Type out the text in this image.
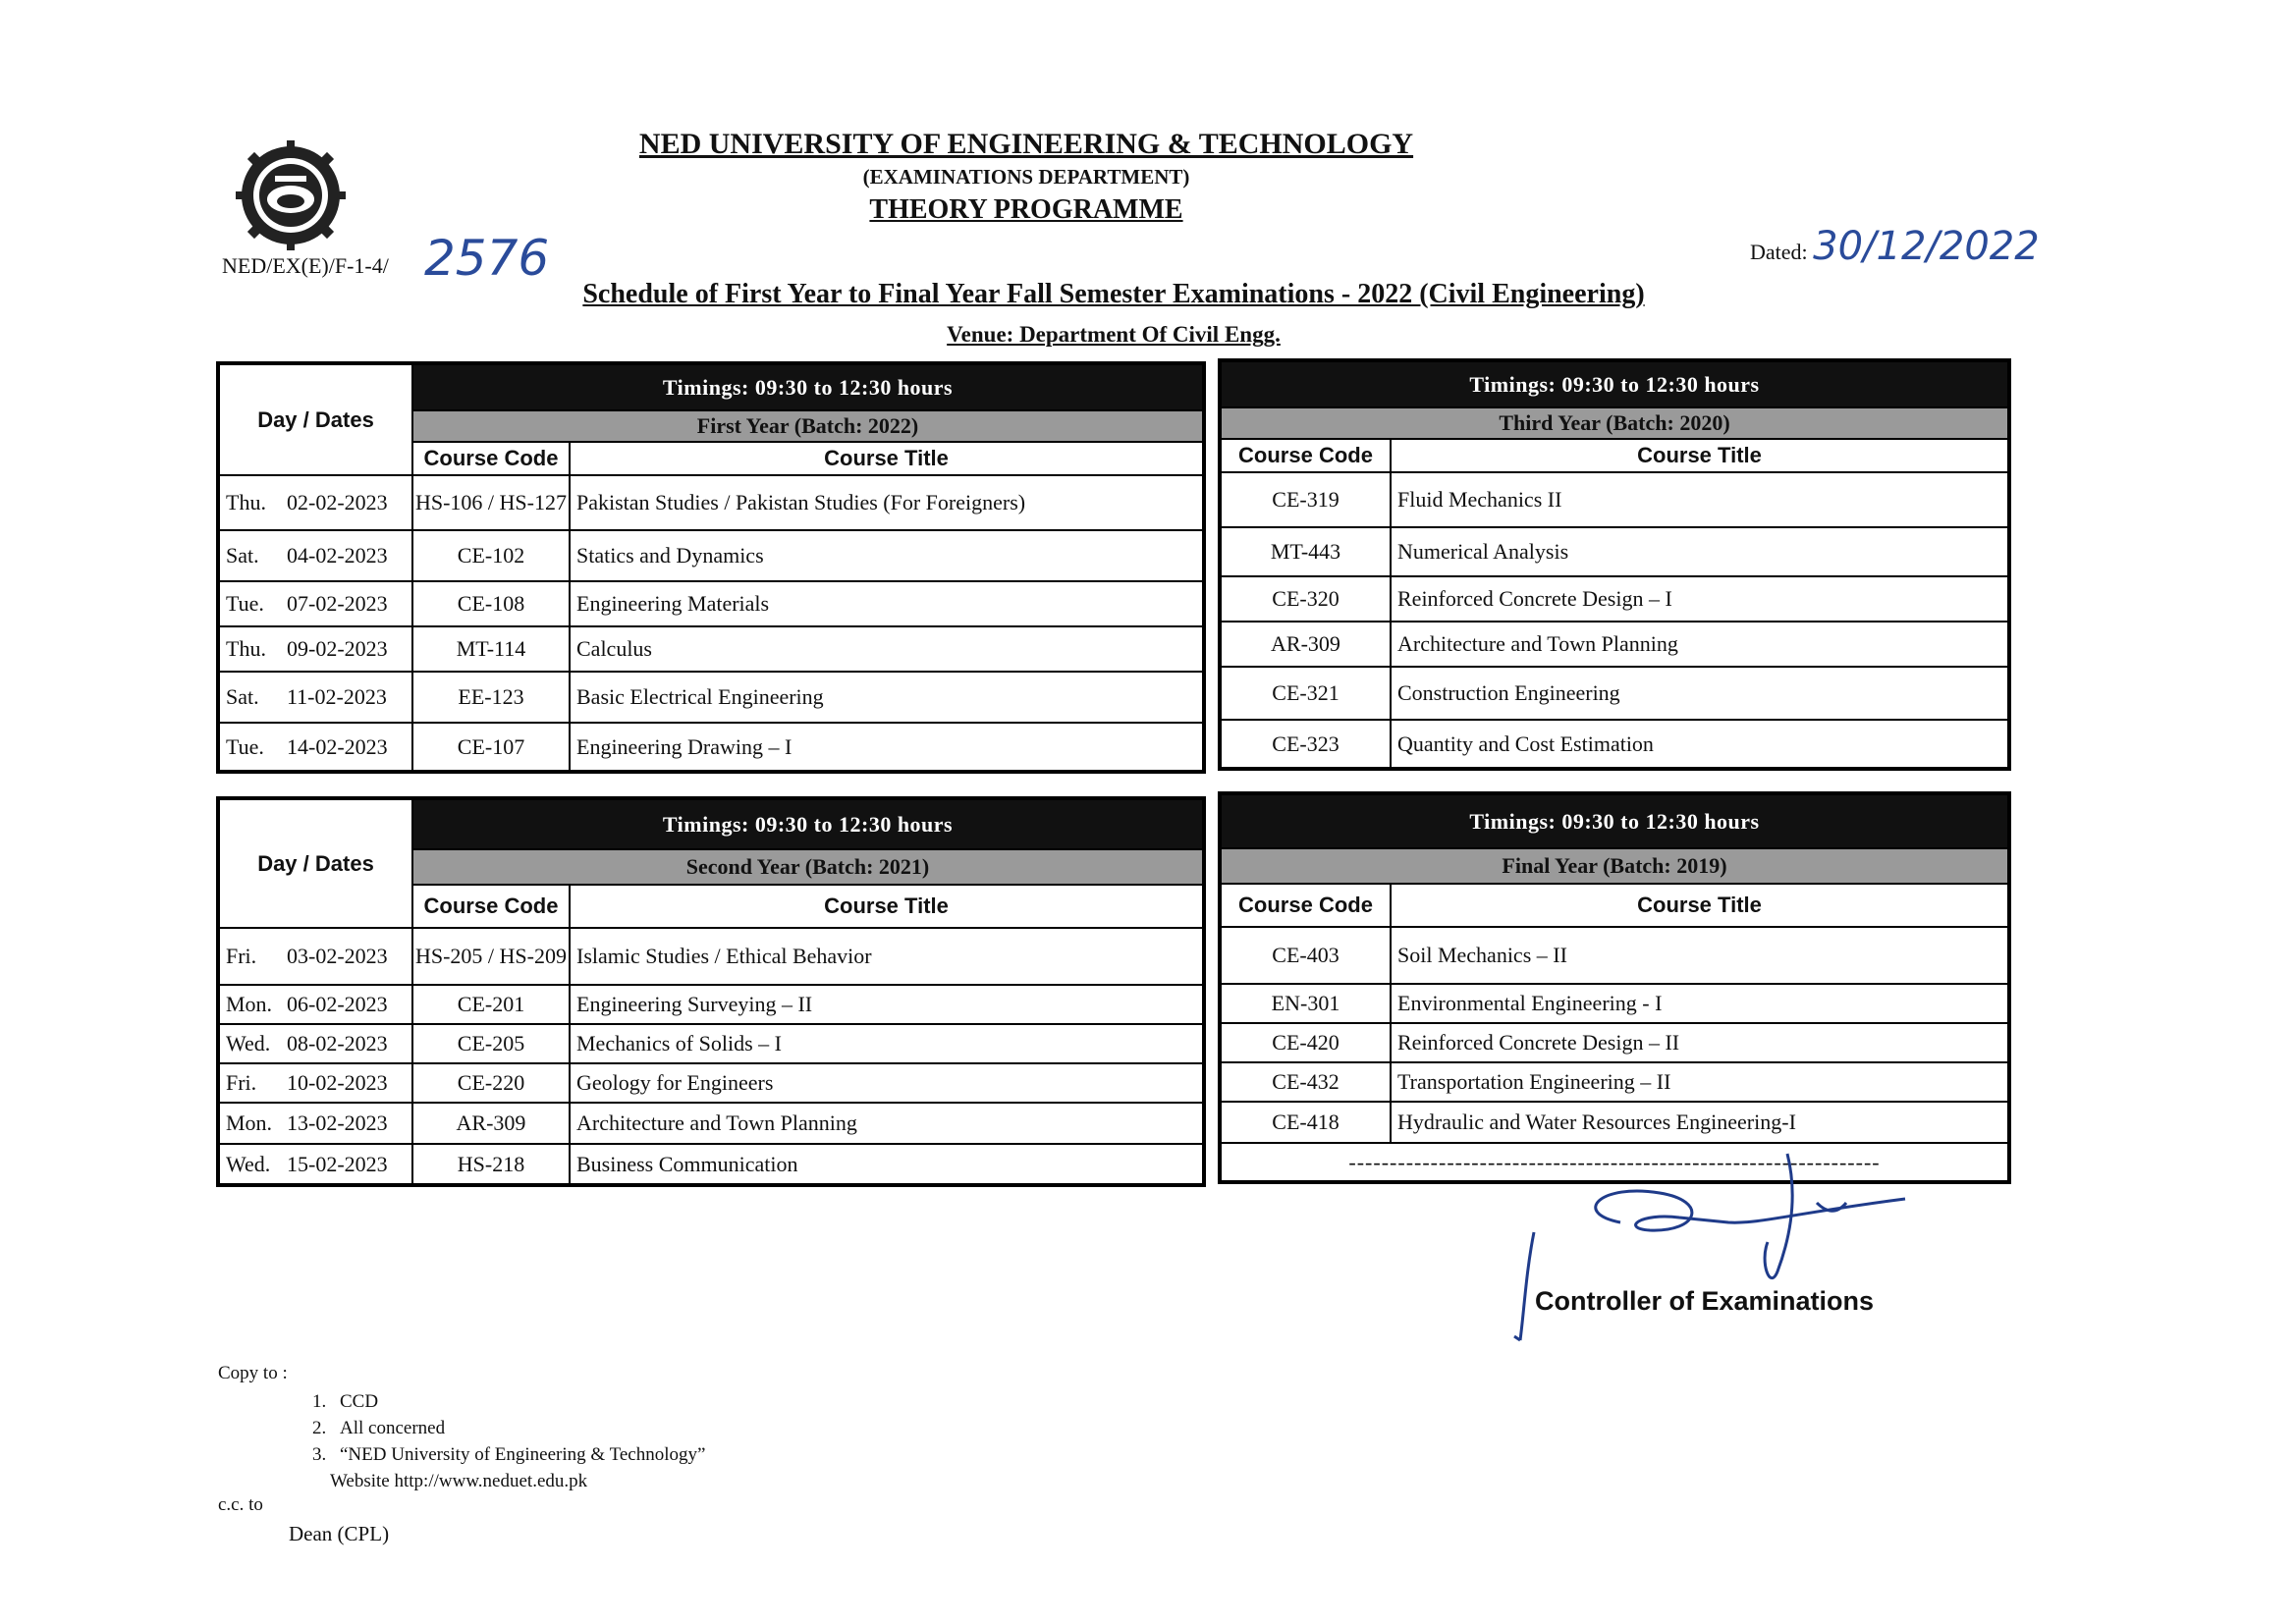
NED UNIVERSITY OF ENGINEERING & TECHNOLOGY
(EXAMINATIONS DEPARTMENT)
THEORY PROGRAMME
NED/EX(E)/F-1-4/ 2576	Dated: 30/12/2022
Schedule of First Year to Final Year Fall Semester Examinations - 2022 (Civil Engineering)
Venue: Department Of Civil Engg.
Day / Dates	Timings: 09:30 to 12:30 hours	
	First Year (Batch: 2022)	
	Course Code	Course Title
Thu. 02-02-2023	HS-106 / HS-127	Pakistan Studies / Pakistan Studies (For Foreigners)
Sat. 04-02-2023	CE-102	Statics and Dynamics
Tue. 07-02-2023	CE-108	Engineering Materials
Thu. 09-02-2023	MT-114	Calculus
Sat. 11-02-2023	EE-123	Basic Electrical Engineering
Tue. 14-02-2023	CE-107	Engineering Drawing – I
Timings: 09:30 to 12:30 hours	
Third Year (Batch: 2020)	
Course Code	Course Title
CE-319	Fluid Mechanics II
MT-443	Numerical Analysis
CE-320	Reinforced Concrete Design – I
AR-309	Architecture and Town Planning
CE-321	Construction Engineering
CE-323	Quantity and Cost Estimation
Day / Dates	Timings: 09:30 to 12:30 hours	
	Second Year (Batch: 2021)	
	Course Code	Course Title
Fri. 03-02-2023	HS-205 / HS-209	Islamic Studies / Ethical Behavior
Mon. 06-02-2023	CE-201	Engineering Surveying – II
Wed. 08-02-2023	CE-205	Mechanics of Solids – I
Fri. 10-02-2023	CE-220	Geology for Engineers
Mon. 13-02-2023	AR-309	Architecture and Town Planning
Wed. 15-02-2023	HS-218	Business Communication
Timings: 09:30 to 12:30 hours	
Final Year (Batch: 2019)	
Course Code	Course Title
CE-403	Soil Mechanics – II
EN-301	Environmental Engineering - I
CE-420	Reinforced Concrete Design – II
CE-432	Transportation Engineering – II
CE-418	Hydraulic and Water Resources Engineering-I
-----------------------------------------------------------------	
Controller of Examinations
Copy to :
1. CCD
2. All concerned
3. “NED University of Engineering & Technology”
Website http://www.neduet.edu.pk
c.c. to
Dean (CPL)
